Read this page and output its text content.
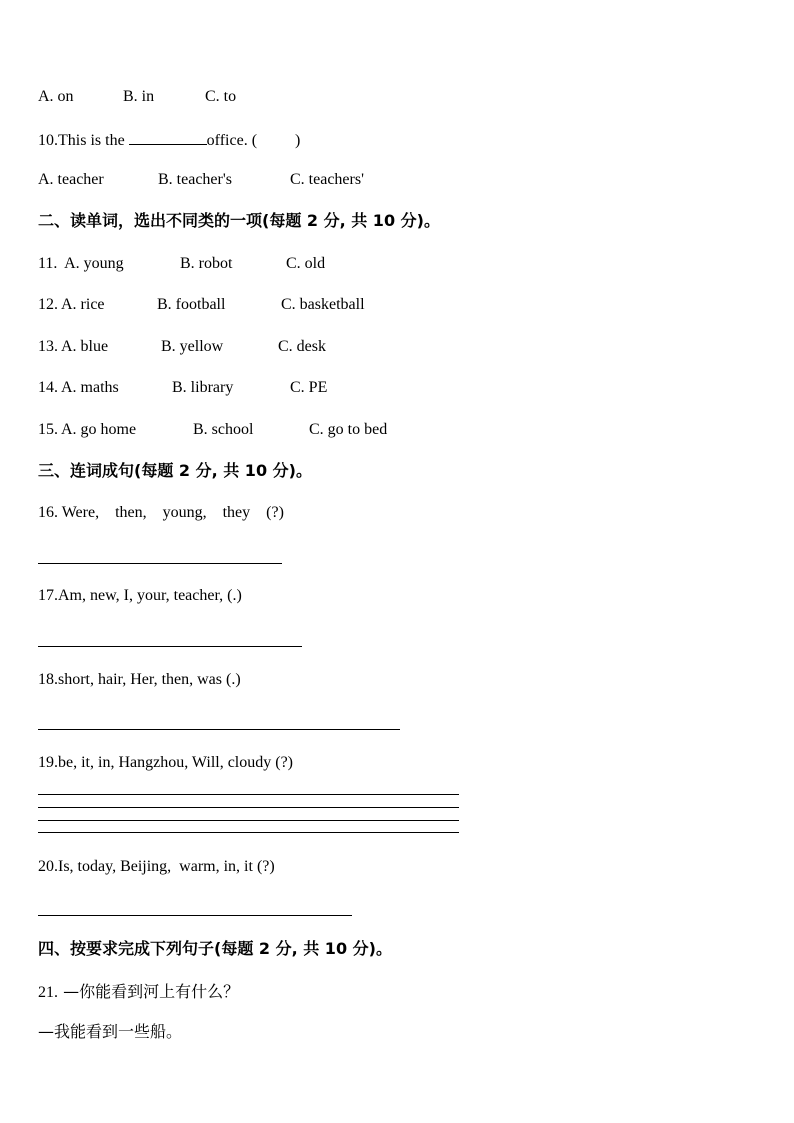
A. on

	B. in

	C. to

10.This is the	office. ( )

A. teacher

	B. teacher's

	C. teachers'

二、读单词，选出不同类的一项(每题 2 分, 共 10 分)。

11.

A. young

	B. robot

	C. old

12.

A. rice

	B. football

	C. basketball

13.

A. blue

	B. yellow

	C. desk

14.

A. maths

	B. library

	C. PE

15.

A. go home

	B. school

	C. go to bed

三、连词成句(每题 2 分, 共 10 分)。
16. Were,    then,    young,    they    (?)
17.Am, new, I, your, teacher, (.)
18.short, hair, Her, then, was (.)
19.be, it, in, Hangzhou, Will, cloudy (?)
20.Is, today, Beijing,  warm, in, it (?)
四、按要求完成下列句子(每题 2 分, 共 10 分)。
21. —你能看到河上有什么？
—我能看到一些船。
